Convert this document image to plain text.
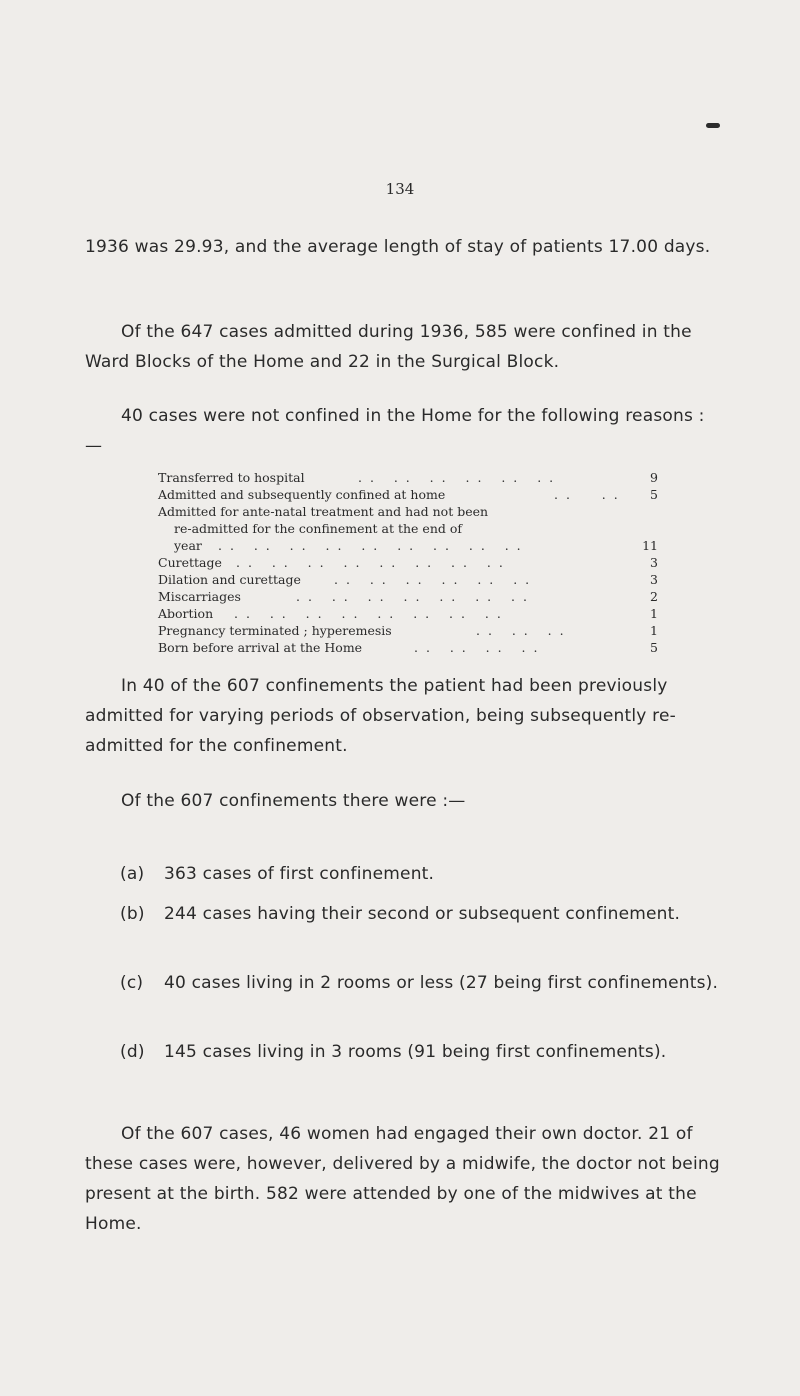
134
1936 was 29.93, and the average length of stay of patients 17.00 days.
Of the 647 cases admitted during 1936, 585 were confined in the Ward Blocks of the Home and 22 in the Surgical Block.
40 cases were not confined in the Home for the following reasons :—
Transferred to hospital	. .   . .   . .   . .   . .   . .	9
Admitted and subsequently confined at home	. .     . .	5
Admitted for ante-natal treatment and had not been
re-admitted for the confinement at the end of
year . .   . .   . .   . .   . .   . .   . .   . .   . .	11
Curettage . .   . .   . .   . .   . .   . .   . .   . .	3
Dilation and curettage	. .   . .   . .   . .   . .   . .	3
Miscarriages	. .   . .   . .   . .   . .   . .   . .	2
Abortion . .   . .   . .   . .   . .   . .   . .   . .	1
Pregnancy terminated ; hyperemesis	. .   . .   . .	1
Born before arrival at the Home	. .   . .   . .   . .	5
In 40 of the 607 confinements the patient had been previously admitted for varying periods of observation, being subsequently re-admitted for the confinement.
Of the 607 confinements there were :—
(a)	363 cases of first confinement.
(b)	244 cases having their second or subsequent confinement.
(c)	40 cases living in 2 rooms or less (27 being first confinements).
(d)	145 cases living in 3 rooms (91 being first confinements).
Of the 607 cases, 46 women had engaged their own doctor. 21 of these cases were, however, delivered by a midwife, the doctor not being present at the birth. 582 were attended by one of the midwives at the Home.
